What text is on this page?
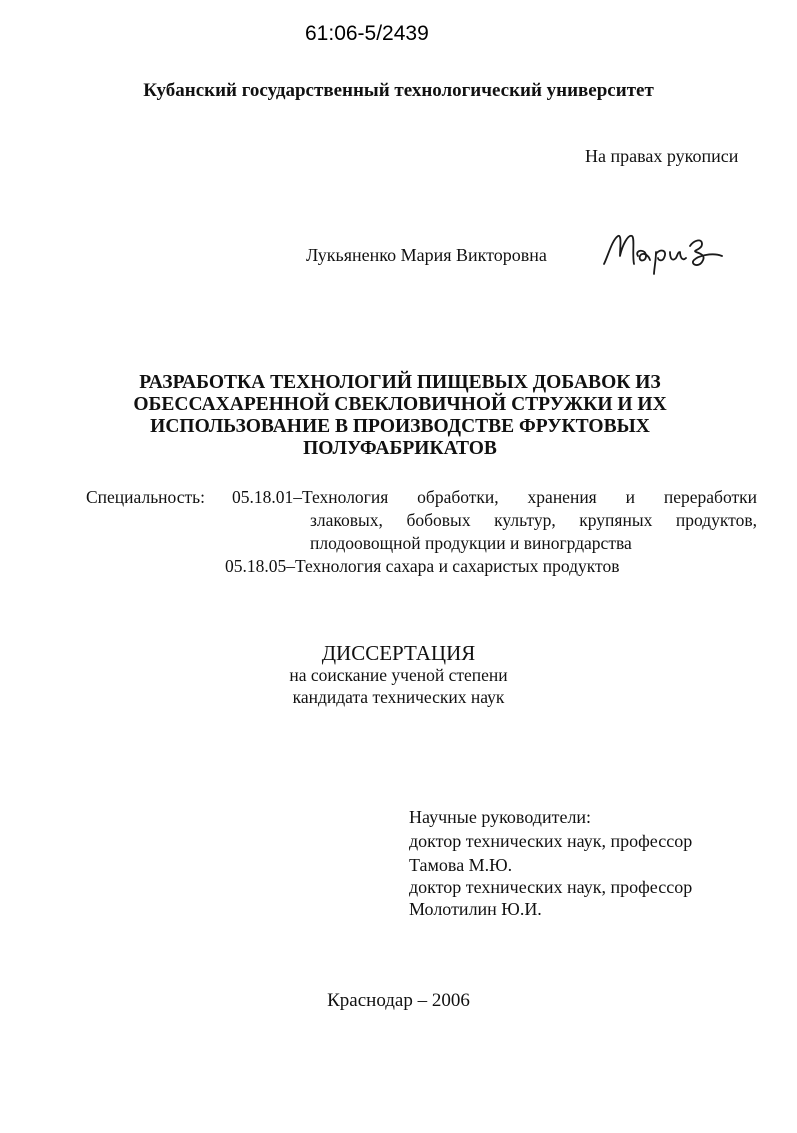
61:06-5/2439
Кубанский государственный технологический университет
На правах рукописи
Лукьяненко Мария Викторовна
РАЗРАБОТКА ТЕХНОЛОГИЙ ПИЩЕВЫХ ДОБАВОК ИЗ
ОБЕССАХАРЕННОЙ СВЕКЛОВИЧНОЙ СТРУЖКИ И ИХ
ИСПОЛЬЗОВАНИЕ В ПРОИЗВОДСТВЕ ФРУКТОВЫХ
ПОЛУФАБРИКАТОВ
Специальность: 05.18.01–Технология обработки, хранения и переработки
злаковых, бобовых культур, крупяных продуктов,
плодоовощной продукции и виногрдарства
05.18.05–Технология сахара и сахаристых продуктов
ДИССЕРТАЦИЯ
на соискание ученой степени
кандидата технических наук
Научные руководители:
доктор технических наук, профессор
Тамова М.Ю.
доктор технических наук, профессор
Молотилин Ю.И.
Краснодар – 2006
